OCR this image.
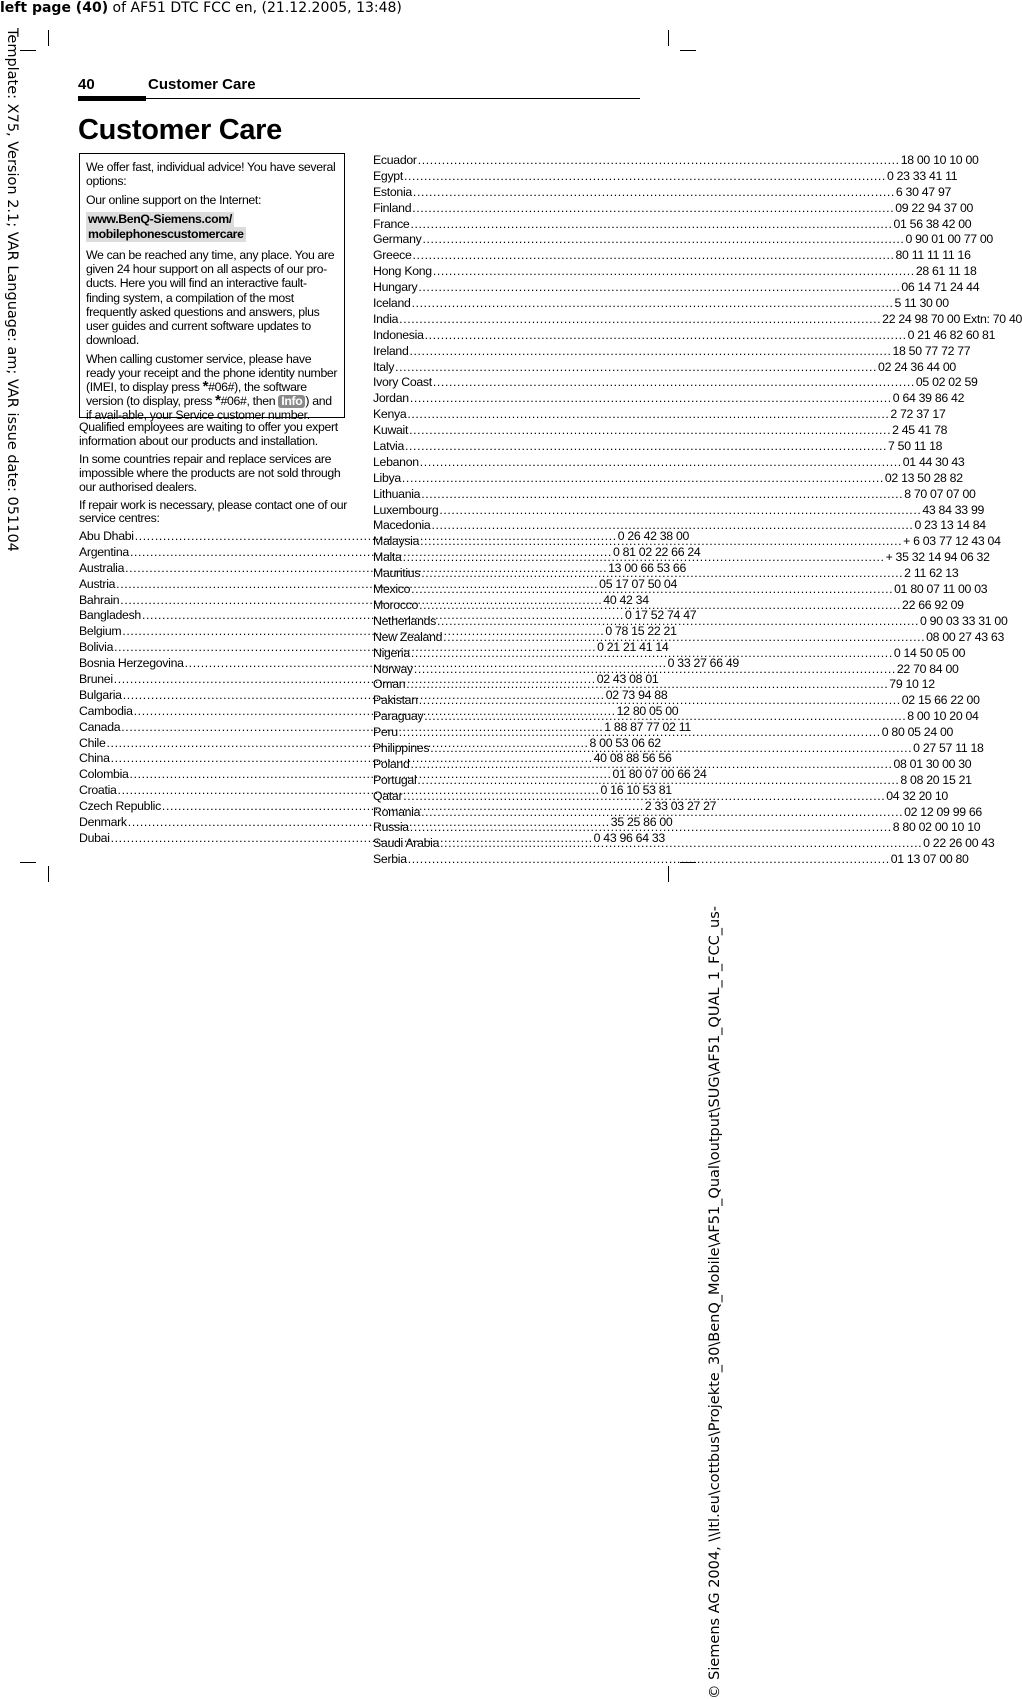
left page (40) of AF51 DTC FCC en, (21.12.2005, 13:48)
Template: X75, Version 2.1; VAR Language: am; VAR issue date: 051104
© Siemens AG 2004, \\Itl.eu\cottbus\Projekte_30\BenQ_Mobile\AF51_Qual\output\SUG\AF51_QUAL_1_FCC_us-
40	Customer Care
Customer Care

We offer fast, individual advice! You have several options:

Our online support on the Internet:

www.BenQ-Siemens.com/
mobilephonescustomercare

We can be reached any time, any place. You are given 24 hour support on all aspects of our pro-ducts. Here you will find an interactive fault-finding system, a compilation of the most frequently asked questions and answers, plus user guides and current software updates to download.

When calling customer service, please have ready your receipt and the phone identity number (IMEI, to display press *#06#), the software version (to display, press *#06#, then Info ) and if avail-able, your Service customer number.

Qualified employees are waiting to offer you expert information about our products and installation.

In some countries repair and replace services are impossible where the products are not sold through our authorised dealers.

If repair work is necessary, please contact one of our service centres:

Abu Dhabi .....	0 26 42 38 00
Argentina .....	0 81 02 22 66 24
Australia .....	13 00 66 53 66
Austria .....	05 17 07 50 04
Bahrain .....	40 42 34
Bangladesh .....	0 17 52 74 47
Belgium .....	0 78 15 22 21
Bolivia .....	0 21 21 41 14
Bosnia Herzegovina .....	0 33 27 66 49
Brunei .....	02 43 08 01
Bulgaria .....	02 73 94 88
Cambodia .....	12 80 05 00
Canada .....	1 88 87 77 02 11
Chile .....	8 00 53 06 62
China .....	40 08 88 56 56
Colombia .....	01 80 07 00 66 24
Croatia .....	0 16 10 53 81
Czech Republic .....	2 33 03 27 27
Denmark .....	35 25 86 00
Dubai .....	0 43 96 64 33
Ecuador .....	18 00 10 10 00
Egypt .....	0 23 33 41 11
Estonia .....	6 30 47 97
Finland .....	09 22 94 37 00
France .....	01 56 38 42 00
Germany .....	0 90 01 00 77 00
Greece .....	80 11 11 11 16
Hong Kong .....	28 61 11 18
Hungary .....	06 14 71 24 44
Iceland .....	5 11 30 00
India .....	22 24 98 70 00 Extn: 70 40
Indonesia .....	0 21 46 82 60 81
Ireland .....	18 50 77 72 77
Italy .....	02 24 36 44 00
Ivory Coast .....	05 02 02 59
Jordan .....	0 64 39 86 42
Kenya .....	2 72 37 17
Kuwait .....	2 45 41 78
Latvia .....	7 50 11 18
Lebanon .....	01 44 30 43
Libya .....	02 13 50 28 82
Lithuania .....	8 70 07 07 00
Luxembourg .....	43 84 33 99
Macedonia .....	0 23 13 14 84
Malaysia .....	+ 6 03 77 12 43 04
Malta .....	+ 35 32 14 94 06 32
Mauritius .....	2 11 62 13
Mexico .....	01 80 07 11 00 03
Morocco .....	22 66 92 09
Netherlands .....	0 90 03 33 31 00
New Zealand .....	08 00 27 43 63
Nigeria .....	0 14 50 05 00
Norway .....	22 70 84 00
Oman .....	79 10 12
Pakistan .....	02 15 66 22 00
Paraguay .....	8 00 10 20 04
Peru .....	0 80 05 24 00
Philippines .....	0 27 57 11 18
Poland .....	08 01 30 00 30
Portugal .....	8 08 20 15 21
Qatar .....	04 32 20 10
Romania .....	02 12 09 99 66
Russia .....	8 80 02 00 10 10
Saudi Arabia .....	0 22 26 00 43
Serbia .....	01 13 07 00 80
